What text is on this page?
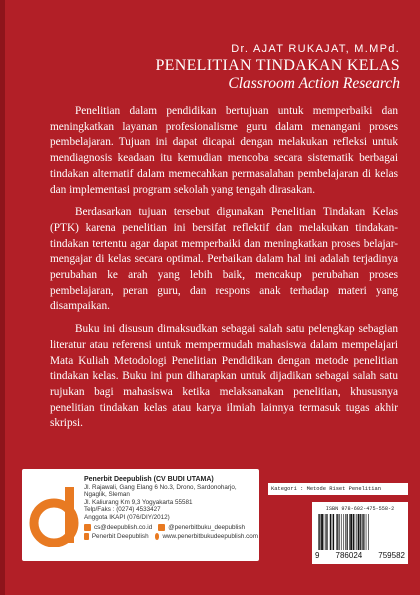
Dr. AJAT RUKAJAT, M.MPd.
PENELITIAN TINDAKAN KELAS
Classroom Action Research

Penelitian dalam pendidikan bertujuan untuk memperbaiki dan meningkatkan layanan profesionalisme guru dalam menangani proses pembelajaran. Tujuan ini dapat dicapai dengan melakukan refleksi untuk mendiagnosis keadaan itu kemudian mencoba secara sistematik berbagai tindakan alternatif dalam memecahkan permasalahan pembelajaran di kelas dan implementasi program sekolah yang tengah dirasakan.

Berdasarkan tujuan tersebut digunakan Penelitian Tindakan Kelas (PTK) karena penelitian ini bersifat reflektif dan melakukan tindakan-tindakan tertentu agar dapat memperbaiki dan meningkatkan proses belajar-mengajar di kelas secara optimal. Perbaikan dalam hal ini adalah terjadinya perubahan ke arah yang lebih baik, mencakup perubahan proses pembelajaran, peran guru, dan respons anak terhadap materi yang disampaikan.

Buku ini disusun dimaksudkan sebagai salah satu pelengkap sebagian literatur atau referensi untuk mempermudah mahasiswa dalam mempelajari Mata Kuliah Metodologi Penelitian Pendidikan dengan metode penelitian tindakan kelas. Buku ini pun diharapkan untuk dijadikan sebagai salah satu rujukan bagi mahasiswa ketika melaksanakan penelitian, khususnya penelitian tindakan kelas atau karya ilmiah lainnya termasuk tugas akhir skripsi.

Penerbit Deepublish (CV BUDI UTAMA)
Jl. Rajawali, Gang Elang 6 No.3, Drono, Sardonoharjo, Ngaglik, Sleman
Jl. Kaliurang Km 9,3 Yogyakarta 55581
Telp/Faks : (0274) 4533427
Anggota IKAPI (076/DIY/2012)
cs@deepublish.co.id	@penerbitbuku_deepublish
Penerbit Deepublish www.penerbitbukudeepublish.com
Kategori : Metode Riset Penelitian
ISBN 978-602-475-558-2
9 786024 759582
